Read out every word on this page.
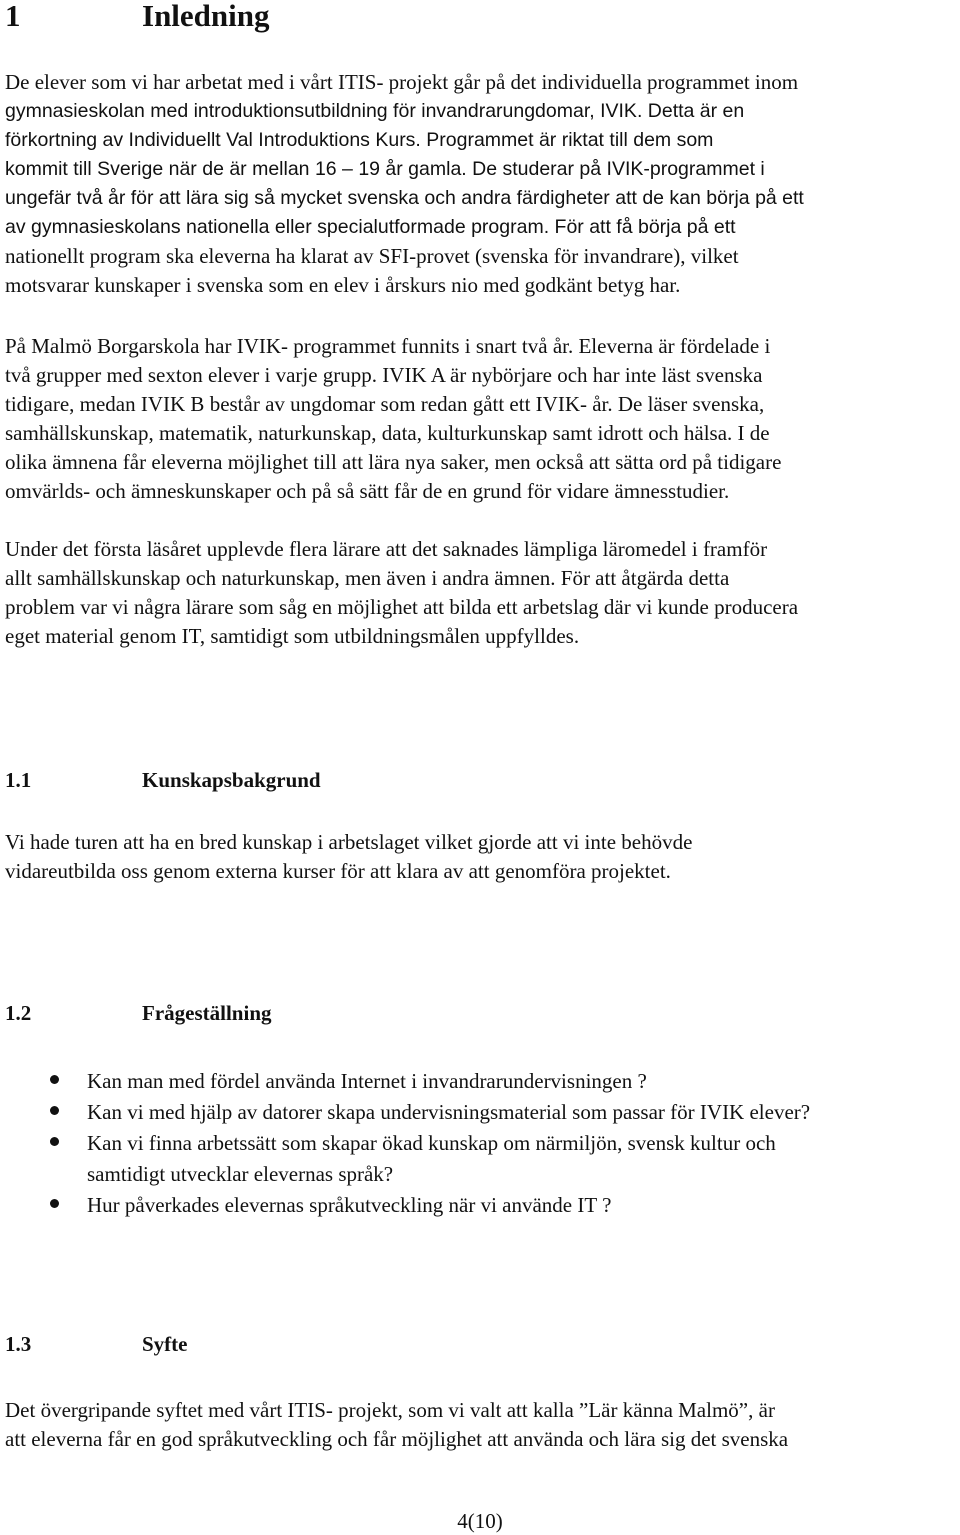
1	Inledning
De elever som vi har arbetat med i vårt ITIS- projekt går på det individuella programmet inom
gymnasieskolan med introduktionsutbildning för invandrarungdomar, IVIK. Detta är en
förkortning av Individuellt Val Introduktions Kurs. Programmet är riktat till dem som
kommit till Sverige när de är mellan 16 – 19 år gamla. De studerar på IVIK-programmet i
ungefär två år för att lära sig så mycket svenska och andra färdigheter att de kan börja på ett
av gymnasieskolans nationella eller specialutformade program. För att få börja på ett
nationellt program ska eleverna ha klarat av SFI-provet (svenska för invandrare), vilket
motsvarar kunskaper i svenska som en elev i årskurs nio med godkänt betyg har.
På Malmö Borgarskola har IVIK- programmet funnits i snart två år. Eleverna är fördelade i
två grupper med sexton elever i varje grupp. IVIK A är nybörjare och har inte läst svenska
tidigare, medan IVIK B består av ungdomar som redan gått ett IVIK- år. De läser svenska,
samhällskunskap, matematik, naturkunskap, data, kulturkunskap samt idrott och hälsa. I de
olika ämnena får eleverna möjlighet till att lära nya saker, men också att sätta ord på tidigare
omvärlds- och ämneskunskaper och på så sätt får de en grund för vidare ämnesstudier.
Under det första läsåret upplevde flera lärare att det saknades lämpliga läromedel i framför
allt samhällskunskap och naturkunskap, men även i andra ämnen. För att åtgärda detta
problem var vi några lärare som såg en möjlighet att bilda ett arbetslag där vi kunde producera
eget material genom IT, samtidigt som utbildningsmålen uppfylldes.
1.1	Kunskapsbakgrund
Vi hade turen att ha en bred kunskap i arbetslaget vilket gjorde att vi inte behövde
vidareutbilda oss genom externa kurser för att klara av att genomföra projektet.
1.2	Frågeställning
Kan man med fördel använda Internet i invandrarundervisningen ?
Kan vi med hjälp av datorer skapa undervisningsmaterial som passar för IVIK elever?
Kan vi finna arbetssätt som skapar ökad kunskap om närmiljön, svensk kultur och
samtidigt utvecklar elevernas språk?
Hur påverkades elevernas språkutveckling när vi använde IT ?
1.3	Syfte
Det övergripande syftet med vårt ITIS- projekt, som vi valt att kalla ”Lär känna Malmö”, är
att eleverna får en god språkutveckling och får möjlighet att använda och lära sig det svenska
4(10)
